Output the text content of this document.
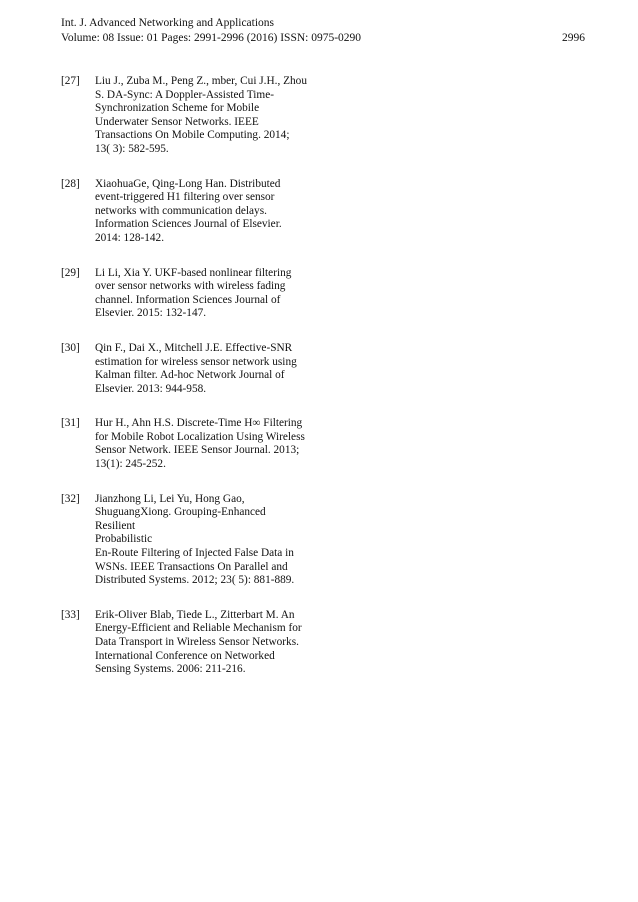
Int. J. Advanced Networking and Applications
Volume: 08 Issue: 01 Pages: 2991-2996 (2016) ISSN: 0975-0290	2996
[27]	Liu J., Zuba M., Peng Z., mber, Cui J.H., Zhou
S. DA-Sync: A Doppler-Assisted Time-
Synchronization Scheme for Mobile
Underwater Sensor Networks. IEEE
Transactions On Mobile Computing. 2014;
13( 3): 582-595.
[28]	XiaohuaGe, Qing-Long Han. Distributed
event-triggered H1 filtering over sensor
networks with communication delays.
Information Sciences Journal of Elsevier.
2014: 128-142.
[29]	Li Li, Xia Y. UKF-based nonlinear filtering
over sensor networks with wireless fading
channel. Information Sciences Journal of
Elsevier. 2015: 132-147.
[30]	Qin F., Dai X., Mitchell J.E. Effective-SNR
estimation for wireless sensor network using
Kalman filter. Ad-hoc Network Journal of
Elsevier. 2013: 944-958.
[31]	Hur H., Ahn H.S. Discrete-Time H∞ Filtering
for Mobile Robot Localization Using Wireless
Sensor Network. IEEE Sensor Journal. 2013;
13(1): 245-252.
[32]	Jianzhong Li, Lei Yu, Hong Gao,
ShuguangXiong. Grouping-Enhanced Resilient
Probabilistic
En-Route Filtering of Injected False Data in
WSNs. IEEE Transactions On Parallel and
Distributed Systems. 2012; 23( 5): 881-889.
[33]	Erik-Oliver Blab, Tiede L., Zitterbart M. An
Energy-Efficient and Reliable Mechanism for
Data Transport in Wireless Sensor Networks.
International Conference on Networked
Sensing Systems. 2006: 211-216.
